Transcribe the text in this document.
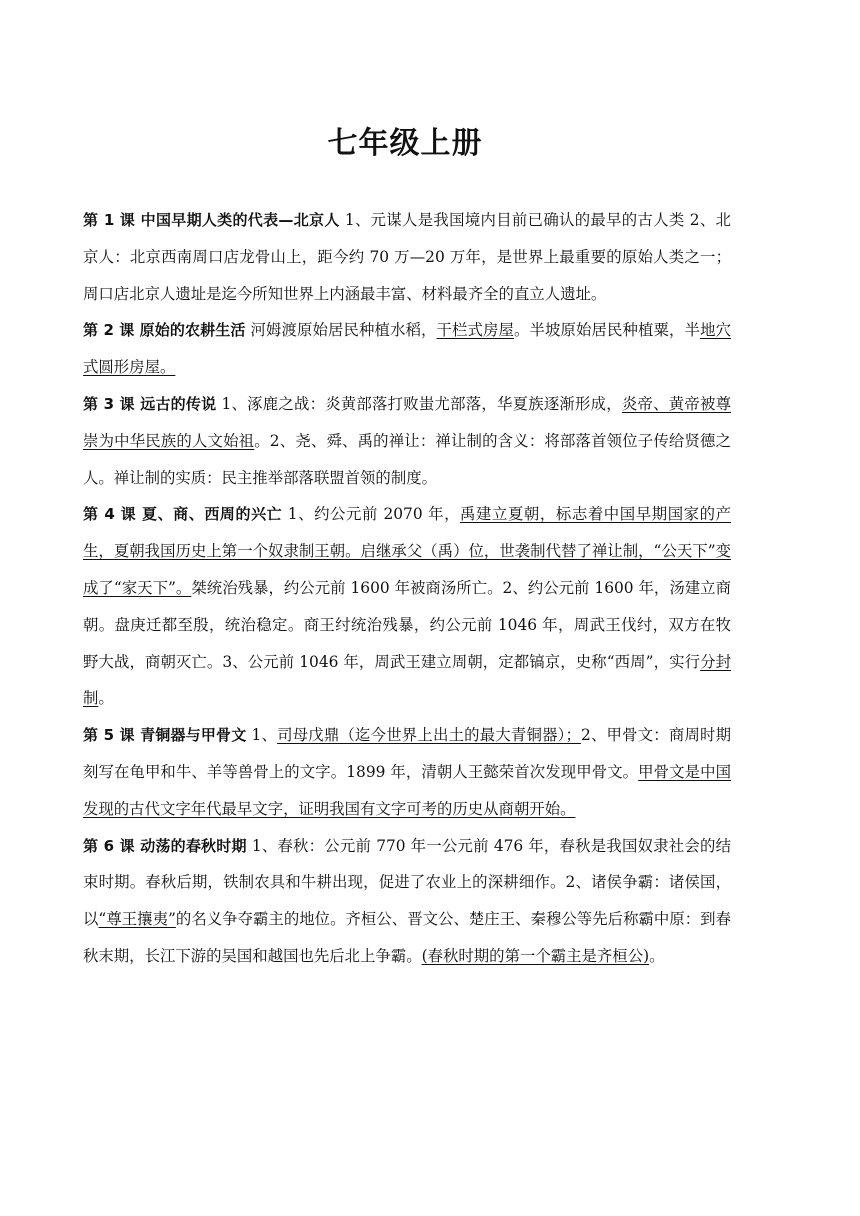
七年级上册

第 1 课 中国早期人类的代表—北京人 1、元谋人是我国境内目前已确认的最早的古人类 2、北京人：北京西南周口店龙骨山上，距今约 70 万—20 万年，是世界上最重要的原始人类之一；周口店北京人遗址是迄今所知世界上内涵最丰富、材料最齐全的直立人遗址。

第 2 课 原始的农耕生活 河姆渡原始居民种植水稻，干栏式房屋。半坡原始居民种植粟，半地穴式圆形房屋。

第 3 课 远古的传说 1、涿鹿之战：炎黄部落打败蚩尤部落，华夏族逐渐形成，炎帝、黄帝被尊崇为中华民族的人文始祖。2、尧、舜、禹的禅让：禅让制的含义：将部落首领位子传给贤德之人。禅让制的实质：民主推举部落联盟首领的制度。

第 4 课 夏、商、西周的兴亡 1、约公元前 2070 年，禹建立夏朝，标志着中国早期国家的产生，夏朝我国历史上第一个奴隶制王朝。启继承父（禹）位，世袭制代替了禅让制，“公天下”变成了“家天下”。桀统治残暴，约公元前 1600 年被商汤所亡。2、约公元前 1600 年，汤建立商朝。盘庚迁都至殷，统治稳定。商王纣统治残暴，约公元前 1046 年，周武王伐纣，双方在牧野大战，商朝灭亡。3、公元前 1046 年，周武王建立周朝，定都镐京，史称“西周”，实行分封制。

第 5 课 青铜器与甲骨文 1、司母戊鼎（迄今世界上出土的最大青铜器）；2、甲骨文：商周时期刻写在龟甲和牛、羊等兽骨上的文字。1899 年，清朝人王懿荣首次发现甲骨文。甲骨文是中国发现的古代文字年代最早文字，证明我国有文字可考的历史从商朝开始。

第 6 课 动荡的春秋时期 1、春秋：公元前 770 年一公元前 476 年，春秋是我国奴隶社会的结束时期。春秋后期，铁制农具和牛耕出现，促进了农业上的深耕细作。2、诸侯争霸：诸侯国，以“尊王攘夷”的名义争夺霸主的地位。齐桓公、晋文公、楚庄王、秦穆公等先后称霸中原：到春秋末期，长江下游的吴国和越国也先后北上争霸。(春秋时期的第一个霸主是齐桓公)。
